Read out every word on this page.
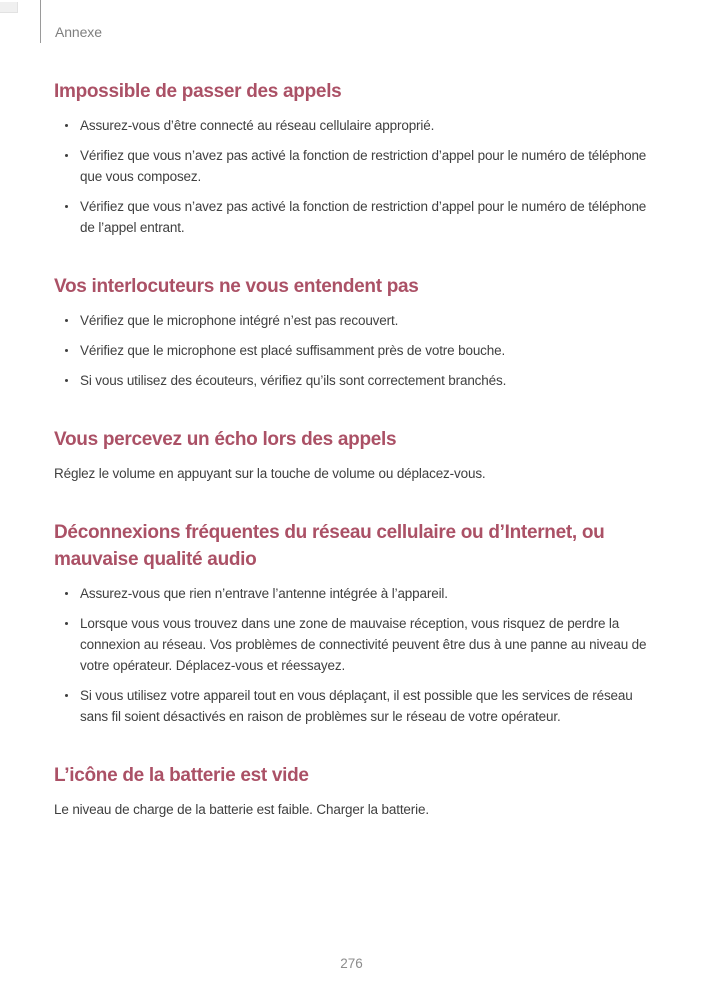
Annexe
Impossible de passer des appels
Assurez-vous d’être connecté au réseau cellulaire approprié.
Vérifiez que vous n’avez pas activé la fonction de restriction d’appel pour le numéro de téléphone que vous composez.
Vérifiez que vous n’avez pas activé la fonction de restriction d’appel pour le numéro de téléphone de l’appel entrant.
Vos interlocuteurs ne vous entendent pas
Vérifiez que le microphone intégré n’est pas recouvert.
Vérifiez que le microphone est placé suffisamment près de votre bouche.
Si vous utilisez des écouteurs, vérifiez qu’ils sont correctement branchés.
Vous percevez un écho lors des appels

Réglez le volume en appuyant sur la touche de volume ou déplacez-vous.

Déconnexions fréquentes du réseau cellulaire ou d’Internet, ou mauvaise qualité audio
Assurez-vous que rien n’entrave l’antenne intégrée à l’appareil.
Lorsque vous vous trouvez dans une zone de mauvaise réception, vous risquez de perdre la connexion au réseau. Vos problèmes de connectivité peuvent être dus à une panne au niveau de votre opérateur. Déplacez-vous et réessayez.
Si vous utilisez votre appareil tout en vous déplaçant, il est possible que les services de réseau sans fil soient désactivés en raison de problèmes sur le réseau de votre opérateur.
L’icône de la batterie est vide

Le niveau de charge de la batterie est faible. Charger la batterie.

276
